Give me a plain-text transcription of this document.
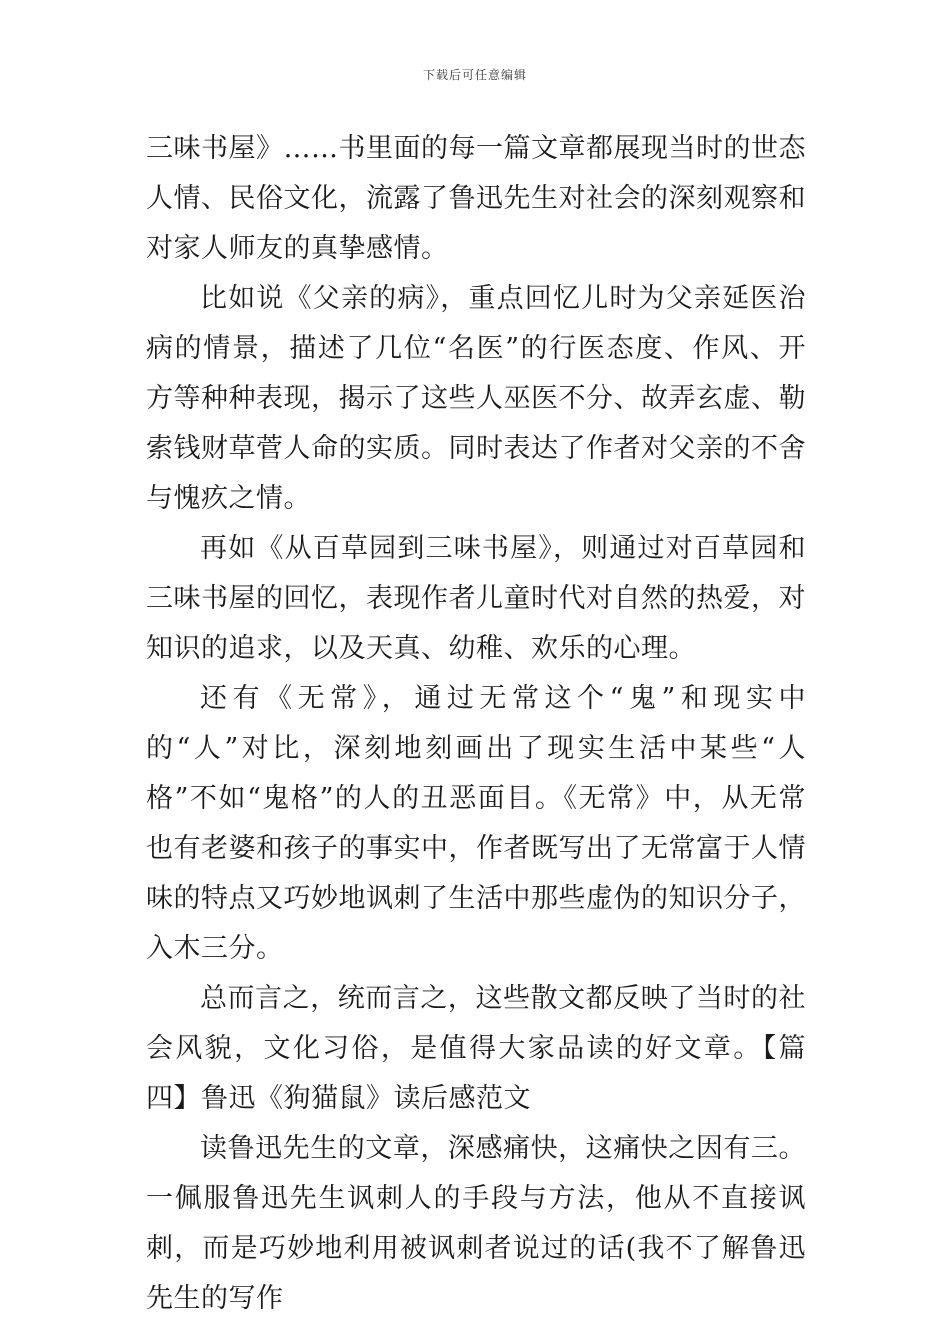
下载后可任意编辑

三味书屋》……书里面的每一篇文章都展现当时的世态人情、民俗文化，流露了鲁迅先生对社会的深刻观察和对家人师友的真挚感情。

比如说《父亲的病》，重点回忆儿时为父亲延医治病的情景，描述了几位“名医”的行医态度、作风、开方等种种表现，揭示了这些人巫医不分、故弄玄虚、勒索钱财草菅人命的实质。同时表达了作者对父亲的不舍与愧疚之情。

再如《从百草园到三味书屋》，则通过对百草园和三味书屋的回忆，表现作者儿童时代对自然的热爱，对知识的追求，以及天真、幼稚、欢乐的心理。

还有《无常》，通过无常这个“鬼”和现实中的“人”对比，深刻地刻画出了现实生活中某些“人格”不如“鬼格”的人的丑恶面目。《无常》中，从无常也有老婆和孩子的事实中，作者既写出了无常富于人情味的特点又巧妙地讽刺了生活中那些虚伪的知识分子，入木三分。

总而言之，统而言之，这些散文都反映了当时的社会风貌，文化习俗，是值得大家品读的好文章。【篇四】鲁迅《狗猫鼠》读后感范文

读鲁迅先生的文章，深感痛快，这痛快之因有三。一佩服鲁迅先生讽刺人的手段与方法，他从不直接讽刺，而是巧妙地利用被讽刺者说过的话(我不了解鲁迅先生的写作
